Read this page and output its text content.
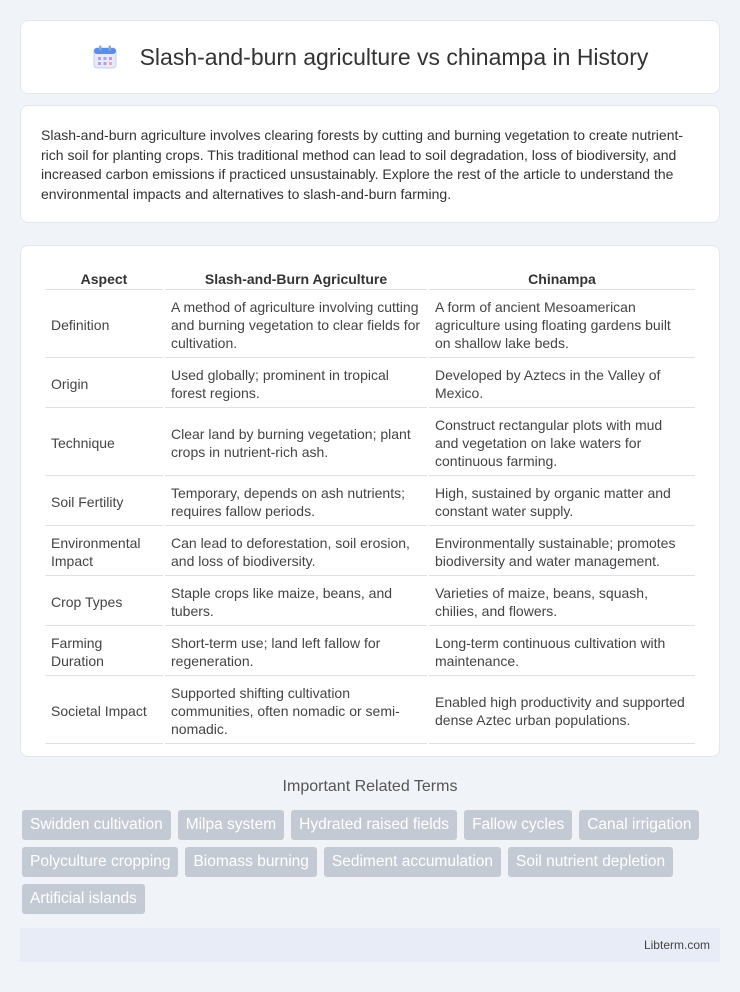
Slash-and-burn agriculture vs chinampa in History

Slash-and-burn agriculture involves clearing forests by cutting and burning vegetation to create nutrient-rich soil for planting crops. This traditional method can lead to soil degradation, loss of biodiversity, and increased carbon emissions if practiced unsustainably. Explore the rest of the article to understand the environmental impacts and alternatives to slash-and-burn farming.

Aspect	Slash-and-Burn Agriculture	Chinampa
Definition	A method of agriculture involving cutting and burning vegetation to clear fields for cultivation.	A form of ancient Mesoamerican agriculture using floating gardens built on shallow lake beds.
Origin	Used globally; prominent in tropical forest regions.	Developed by Aztecs in the Valley of Mexico.
Technique	Clear land by burning vegetation; plant crops in nutrient-rich ash.	Construct rectangular plots with mud and vegetation on lake waters for continuous farming.
Soil Fertility	Temporary, depends on ash nutrients; requires fallow periods.	High, sustained by organic matter and constant water supply.
Environmental Impact	Can lead to deforestation, soil erosion, and loss of biodiversity.	Environmentally sustainable; promotes biodiversity and water management.
Crop Types	Staple crops like maize, beans, and tubers.	Varieties of maize, beans, squash, chilies, and flowers.
Farming Duration	Short-term use; land left fallow for regeneration.	Long-term continuous cultivation with maintenance.
Societal Impact	Supported shifting cultivation communities, often nomadic or semi-nomadic.	Enabled high productivity and supported dense Aztec urban populations.
Important Related Terms
Swidden cultivation	Milpa system	Hydrated raised fields	Fallow cycles	Canal irrigation
Polyculture cropping	Biomass burning	Sediment accumulation	Soil nutrient depletion
Artificial islands
Libterm.com
